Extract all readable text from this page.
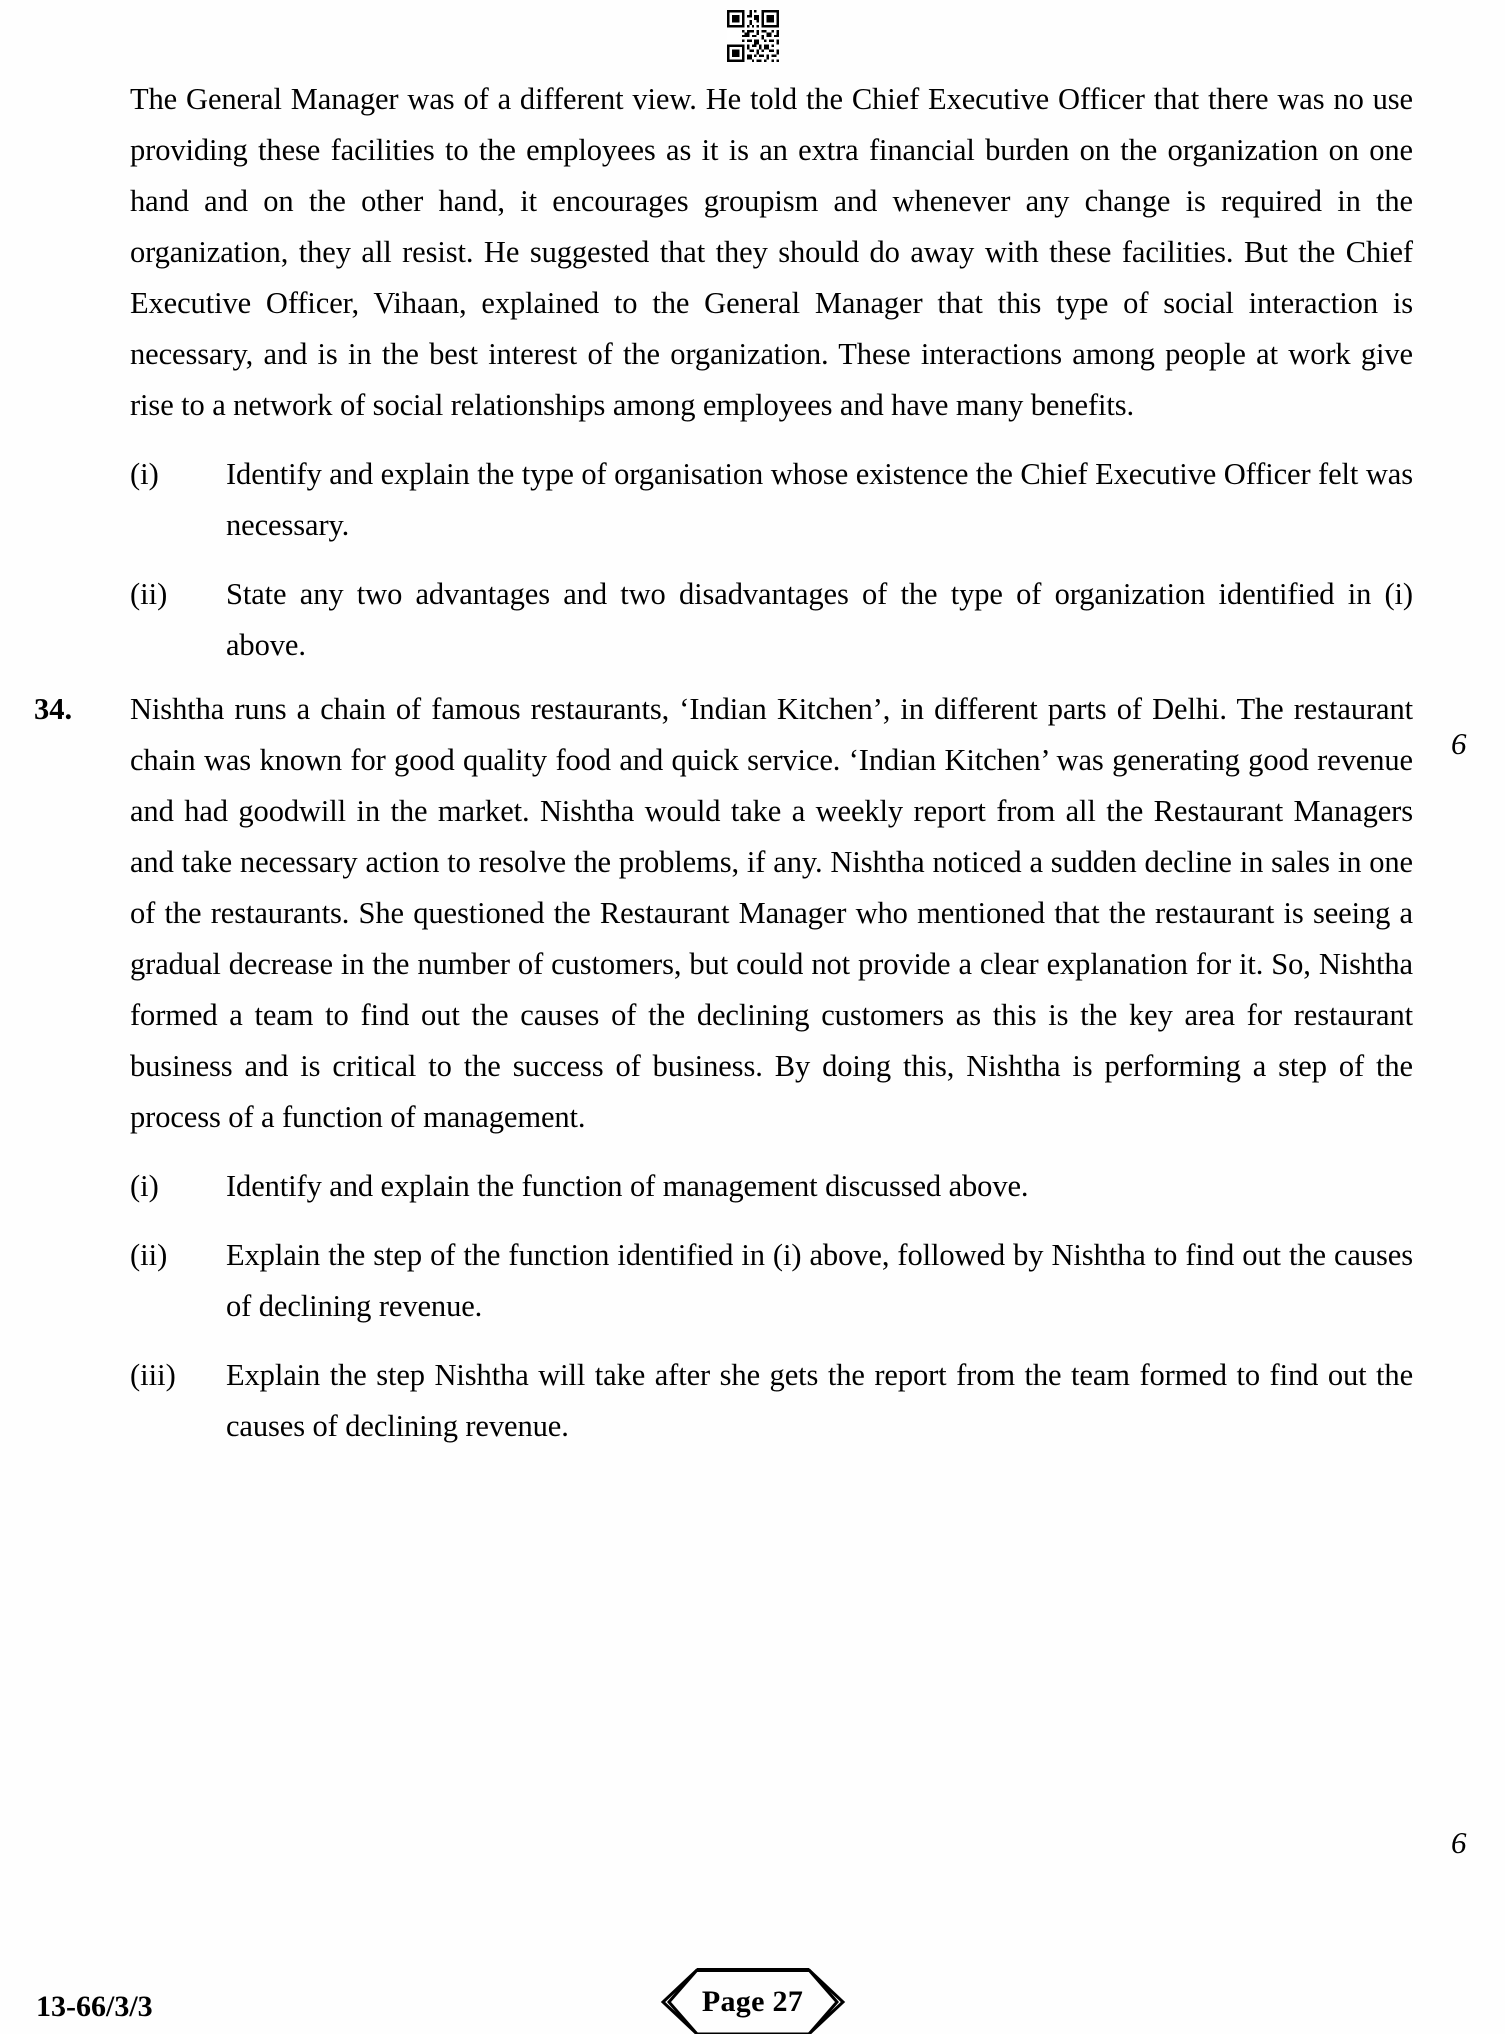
The General Manager was of a different view. He told the Chief Executive Officer that there was no use providing these facilities to the employees as it is an extra financial burden on the organization on one hand and on the other hand, it encourages groupism and whenever any change is required in the organization, they all resist. He suggested that they should do away with these facilities. But the Chief Executive Officer, Vihaan, explained to the General Manager that this type of social interaction is necessary, and is in the best interest of the organization. These interactions among people at work give rise to a network of social relationships among employees and have many benefits.

(i)	Identify and explain the type of organisation whose existence the Chief Executive Officer felt was necessary.
(ii)	State any two advantages and two disadvantages of the type of organization identified in (i) above.
34.	Nishtha runs a chain of famous restaurants, ‘Indian Kitchen’, in different parts of Delhi. The restaurant chain was known for good quality food and quick service. ‘Indian Kitchen’ was generating good revenue and had goodwill in the market. Nishtha would take a weekly report from all the Restaurant Managers and take necessary action to resolve the problems, if any. Nishtha noticed a sudden decline in sales in one of the restaurants. She questioned the Restaurant Manager who mentioned that the restaurant is seeing a gradual decrease in the number of customers, but could not provide a clear explanation for it. So, Nishtha formed a team to find out the causes of the declining customers as this is the key area for restaurant business and is critical to the success of business. By doing this, Nishtha is performing a step of the process of a function of management.
(i)	Identify and explain the function of management discussed above.
(ii)	Explain the step of the function identified in (i) above, followed by Nishtha to find out the causes of declining revenue.
(iii)	Explain the step Nishtha will take after she gets the report from the team formed to find out the causes of declining revenue.
6
6
13-66/3/3	Page 27
